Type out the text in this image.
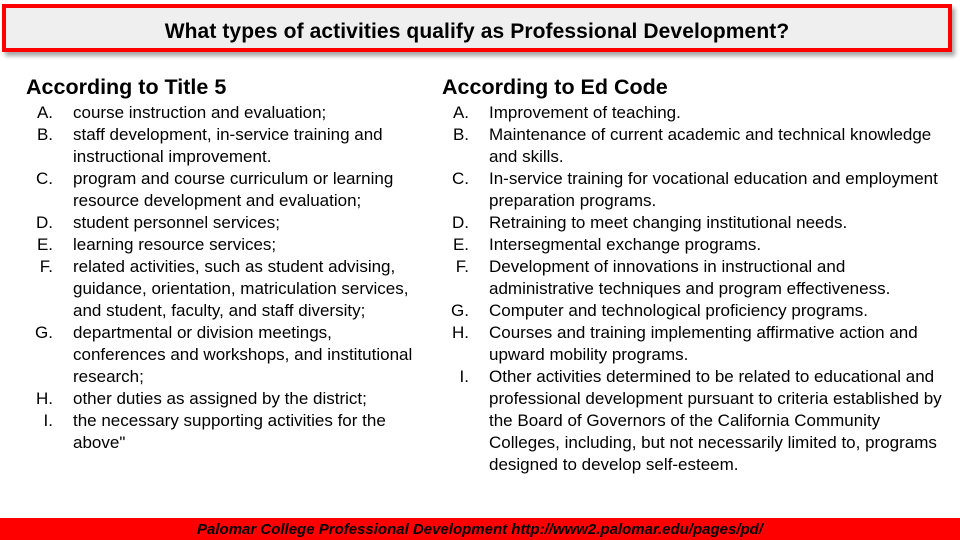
What types of activities qualify as Professional Development?
According to Title 5
A. course instruction and evaluation;
B. staff development, in-service training and instructional improvement.
C. program and course curriculum or learning resource development and evaluation;
D. student personnel services;
E. learning resource services;
F. related activities, such as student advising, guidance, orientation, matriculation services, and student, faculty, and staff diversity;
G. departmental or division meetings, conferences and workshops, and institutional research;
H. other duties as assigned by the district;
I. the necessary supporting activities for the above"
According to Ed Code
A. Improvement of teaching.
B. Maintenance of current academic and technical knowledge and skills.
C. In-service training for vocational education and employment preparation programs.
D. Retraining to meet changing institutional needs.
E. Intersegmental exchange programs.
F. Development of innovations in instructional and administrative techniques and program effectiveness.
G. Computer and technological proficiency programs.
H. Courses and training implementing affirmative action and upward mobility programs.
I. Other activities determined to be related to educational and professional development pursuant to criteria established by the Board of Governors of the California Community Colleges, including, but not necessarily limited to, programs designed to develop self-esteem.
Palomar College Professional Development http://www2.palomar.edu/pages/pd/
